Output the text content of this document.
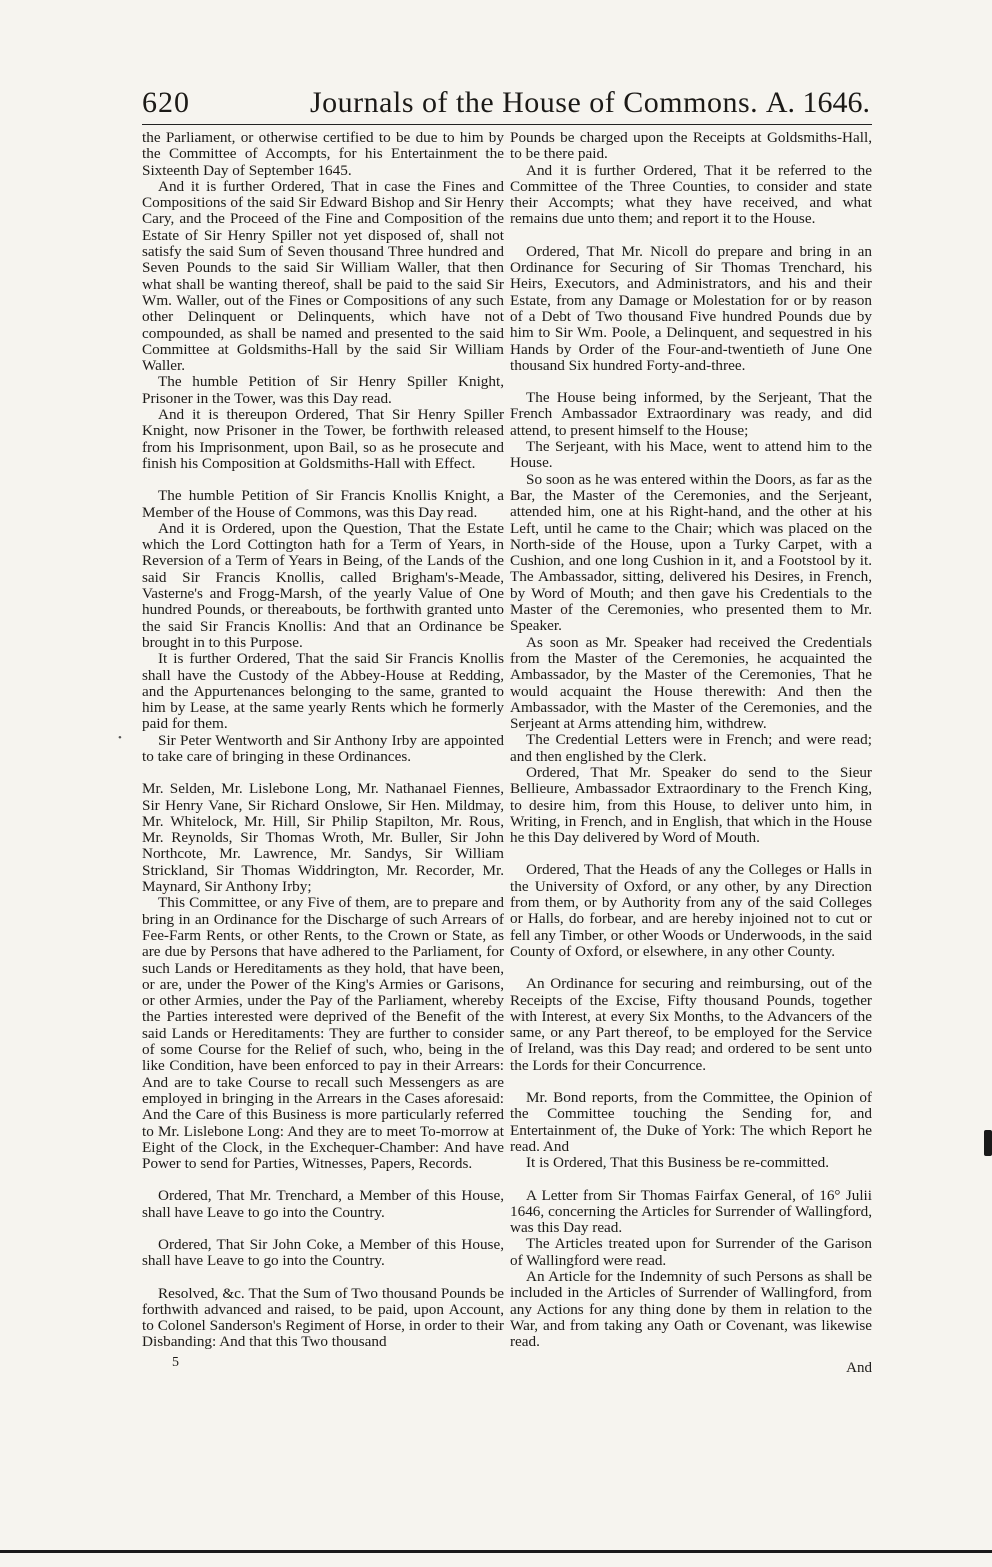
620	Journals of the House of Commons. A. 1646.

the Parliament, or otherwise certified to be due to him by the Committee of Accompts, for his Entertainment the Sixteenth Day of September 1645.

And it is further Ordered, That in case the Fines and Compositions of the said Sir Edward Bishop and Sir Henry Cary, and the Proceed of the Fine and Composition of the Estate of Sir Henry Spiller not yet disposed of, shall not satisfy the said Sum of Seven thousand Three hundred and Seven Pounds to the said Sir William Waller, that then what shall be wanting thereof, shall be paid to the said Sir Wm. Waller, out of the Fines or Compositions of any such other Delinquent or Delinquents, which have not compounded, as shall be named and presented to the said Committee at Goldsmiths-Hall by the said Sir William Waller.

The humble Petition of Sir Henry Spiller Knight, Prisoner in the Tower, was this Day read.

And it is thereupon Ordered, That Sir Henry Spiller Knight, now Prisoner in the Tower, be forthwith released from his Imprisonment, upon Bail, so as he prosecute and finish his Composition at Goldsmiths-Hall with Effect.

The humble Petition of Sir Francis Knollis Knight, a Member of the House of Commons, was this Day read.

And it is Ordered, upon the Question, That the Estate which the Lord Cottington hath for a Term of Years, in Reversion of a Term of Years in Being, of the Lands of the said Sir Francis Knollis, called Brigham's-Meade, Vasterne's and Frogg-Marsh, of the yearly Value of One hundred Pounds, or thereabouts, be forthwith granted unto the said Sir Francis Knollis: And that an Ordinance be brought in to this Purpose.

It is further Ordered, That the said Sir Francis Knollis shall have the Custody of the Abbey-House at Redding, and the Appurtenances belonging to the same, granted to him by Lease, at the same yearly Rents which he formerly paid for them.

Sir Peter Wentworth and Sir Anthony Irby are appointed to take care of bringing in these Ordinances.

Mr. Selden, Mr. Lislebone Long, Mr. Nathanael Fiennes, Sir Henry Vane, Sir Richard Onslowe, Sir Hen. Mildmay, Mr. Whitelock, Mr. Hill, Sir Philip Stapilton, Mr. Rous, Mr. Reynolds, Sir Thomas Wroth, Mr. Buller, Sir John Northcote, Mr. Lawrence, Mr. Sandys, Sir William Strickland, Sir Thomas Widdrington, Mr. Recorder, Mr. Maynard, Sir Anthony Irby;

This Committee, or any Five of them, are to prepare and bring in an Ordinance for the Discharge of such Arrears of Fee-Farm Rents, or other Rents, to the Crown or State, as are due by Persons that have adhered to the Parliament, for such Lands or Hereditaments as they hold, that have been, or are, under the Power of the King's Armies or Garisons, or other Armies, under the Pay of the Parliament, whereby the Parties interested were deprived of the Benefit of the said Lands or Hereditaments: They are further to consider of some Course for the Relief of such, who, being in the like Condition, have been enforced to pay in their Arrears: And are to take Course to recall such Messengers as are employed in bringing in the Arrears in the Cases aforesaid: And the Care of this Business is more particularly referred to Mr. Lislebone Long: And they are to meet To-morrow at Eight of the Clock, in the Exchequer-Chamber: And have Power to send for Parties, Witnesses, Papers, Records.

Ordered, That Mr. Trenchard, a Member of this House, shall have Leave to go into the Country.

Ordered, That Sir John Coke, a Member of this House, shall have Leave to go into the Country.

Resolved, &c. That the Sum of Two thousand Pounds be forthwith advanced and raised, to be paid, upon Account, to Colonel Sanderson's Regiment of Horse, in order to their Disbanding: And that this Two thousand

5

Pounds be charged upon the Receipts at Goldsmiths-Hall, to be there paid.

And it is further Ordered, That it be referred to the Committee of the Three Counties, to consider and state their Accompts; what they have received, and what remains due unto them; and report it to the House.

Ordered, That Mr. Nicoll do prepare and bring in an Ordinance for Securing of Sir Thomas Trenchard, his Heirs, Executors, and Administrators, and his and their Estate, from any Damage or Molestation for or by reason of a Debt of Two thousand Five hundred Pounds due by him to Sir Wm. Poole, a Delinquent, and sequestred in his Hands by Order of the Four-and-twentieth of June One thousand Six hundred Forty-and-three.

The House being informed, by the Serjeant, That the French Ambassador Extraordinary was ready, and did attend, to present himself to the House;

The Serjeant, with his Mace, went to attend him to the House.

So soon as he was entered within the Doors, as far as the Bar, the Master of the Ceremonies, and the Serjeant, attended him, one at his Right-hand, and the other at his Left, until he came to the Chair; which was placed on the North-side of the House, upon a Turky Carpet, with a Cushion, and one long Cushion in it, and a Footstool by it. The Ambassador, sitting, delivered his Desires, in French, by Word of Mouth; and then gave his Credentials to the Master of the Ceremonies, who presented them to Mr. Speaker.

As soon as Mr. Speaker had received the Credentials from the Master of the Ceremonies, he acquainted the Ambassador, by the Master of the Ceremonies, That he would acquaint the House therewith: And then the Ambassador, with the Master of the Ceremonies, and the Serjeant at Arms attending him, withdrew.

The Credential Letters were in French; and were read; and then englished by the Clerk.

Ordered, That Mr. Speaker do send to the Sieur Bellieure, Ambassador Extraordinary to the French King, to desire him, from this House, to deliver unto him, in Writing, in French, and in English, that which in the House he this Day delivered by Word of Mouth.

Ordered, That the Heads of any the Colleges or Halls in the University of Oxford, or any other, by any Direction from them, or by Authority from any of the said Colleges or Halls, do forbear, and are hereby injoined not to cut or fell any Timber, or other Woods or Underwoods, in the said County of Oxford, or elsewhere, in any other County.

An Ordinance for securing and reimbursing, out of the Receipts of the Excise, Fifty thousand Pounds, together with Interest, at every Six Months, to the Advancers of the same, or any Part thereof, to be employed for the Service of Ireland, was this Day read; and ordered to be sent unto the Lords for their Concurrence.

Mr. Bond reports, from the Committee, the Opinion of the Committee touching the Sending for, and Entertainment of, the Duke of York: The which Report he read. And

It is Ordered, That this Business be re-committed.

A Letter from Sir Thomas Fairfax General, of 16° Julii 1646, concerning the Articles for Surrender of Wallingford, was this Day read.

The Articles treated upon for Surrender of the Garison of Wallingford were read.

An Article for the Indemnity of such Persons as shall be included in the Articles of Surrender of Wallingford, from any Actions for any thing done by them in relation to the War, and from taking any Oath or Covenant, was likewise read.

And

•
